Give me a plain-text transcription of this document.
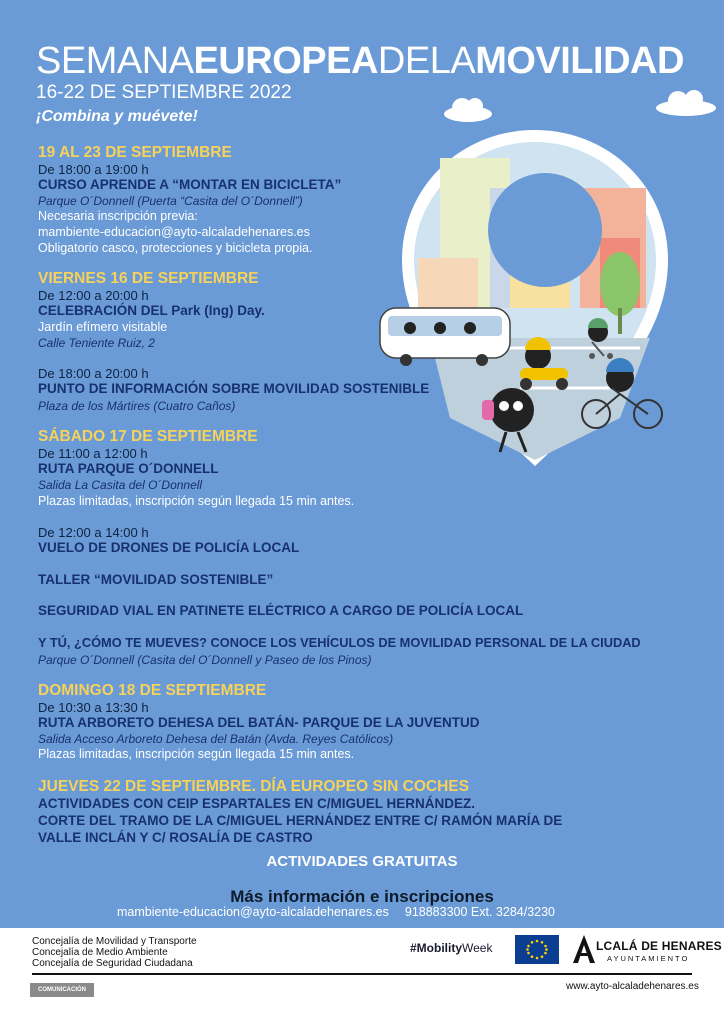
SEMANAEUROPEADELAMOVILIDAD
16-22 DE SEPTIEMBRE 2022
¡Combina y muévete!
19 AL 23 DE SEPTIEMBRE
De 18:00 a 19:00 h
CURSO APRENDE A “MONTAR EN BICICLETA”
Parque O´Donnell (Puerta “Casita del O´Donnell”)
Necesaria inscripción previa:
mambiente-educacion@ayto-alcaladehenares.es
Obligatorio casco, protecciones y bicicleta propia.
VIERNES 16 DE SEPTIEMBRE
De 12:00 a 20:00 h
CELEBRACIÓN DEL Park (Ing) Day.
Jardín efímero visitable
Calle Teniente Ruiz, 2
De 18:00 a 20:00 h
PUNTO DE INFORMACIÓN SOBRE MOVILIDAD SOSTENIBLE
Plaza de los Mártires (Cuatro Caños)
SÁBADO 17 DE SEPTIEMBRE
De 11:00 a 12:00 h
RUTA PARQUE O´DONNELL
Salida La Casita del O´Donnell
Plazas limitadas, inscripción según llegada 15 min antes.
De 12:00 a 14:00 h
VUELO DE DRONES DE POLICÍA LOCAL
TALLER “MOVILIDAD SOSTENIBLE”
SEGURIDAD VIAL EN PATINETE ELÉCTRICO A CARGO DE POLICÍA LOCAL
Y TÚ, ¿CÓMO TE MUEVES? CONOCE LOS VEHÍCULOS DE MOVILIDAD PERSONAL DE LA CIUDAD
Parque O´Donnell (Casita del O´Donnell y Paseo de los Pinos)
DOMINGO 18 DE SEPTIEMBRE
De 10:30 a 13:30 h
RUTA ARBORETO DEHESA DEL BATÁN- PARQUE DE LA JUVENTUD
Salida Acceso Arboreto Dehesa del Batán (Avda. Reyes Católicos)
Plazas limitadas, inscripción según llegada 15 min antes.
JUEVES 22 DE SEPTIEMBRE. DÍA EUROPEO SIN COCHES
ACTIVIDADES CON CEIP ESPARTALES EN C/MIGUEL HERNÁNDEZ.
CORTE DEL TRAMO DE LA C/MIGUEL HERNÁNDEZ ENTRE C/ RAMÓN MARÍA DE
VALLE INCLÁN Y C/ ROSALÍA DE CASTRO
ACTIVIDADES GRATUITAS
Más información e inscripciones
mambiente-educacion@ayto-alcaladehenares.es 918883300 Ext. 3284/3230
Concejalía de Movilidad y Transporte
Concejalía de Medio Ambiente
Concejalía de Seguridad Ciudadana
#MobilityWeek	LCALÁ DE HENARES
AYUNTAMIENTO
COMUNICACIÓN	www.ayto-alcaladehenares.es
